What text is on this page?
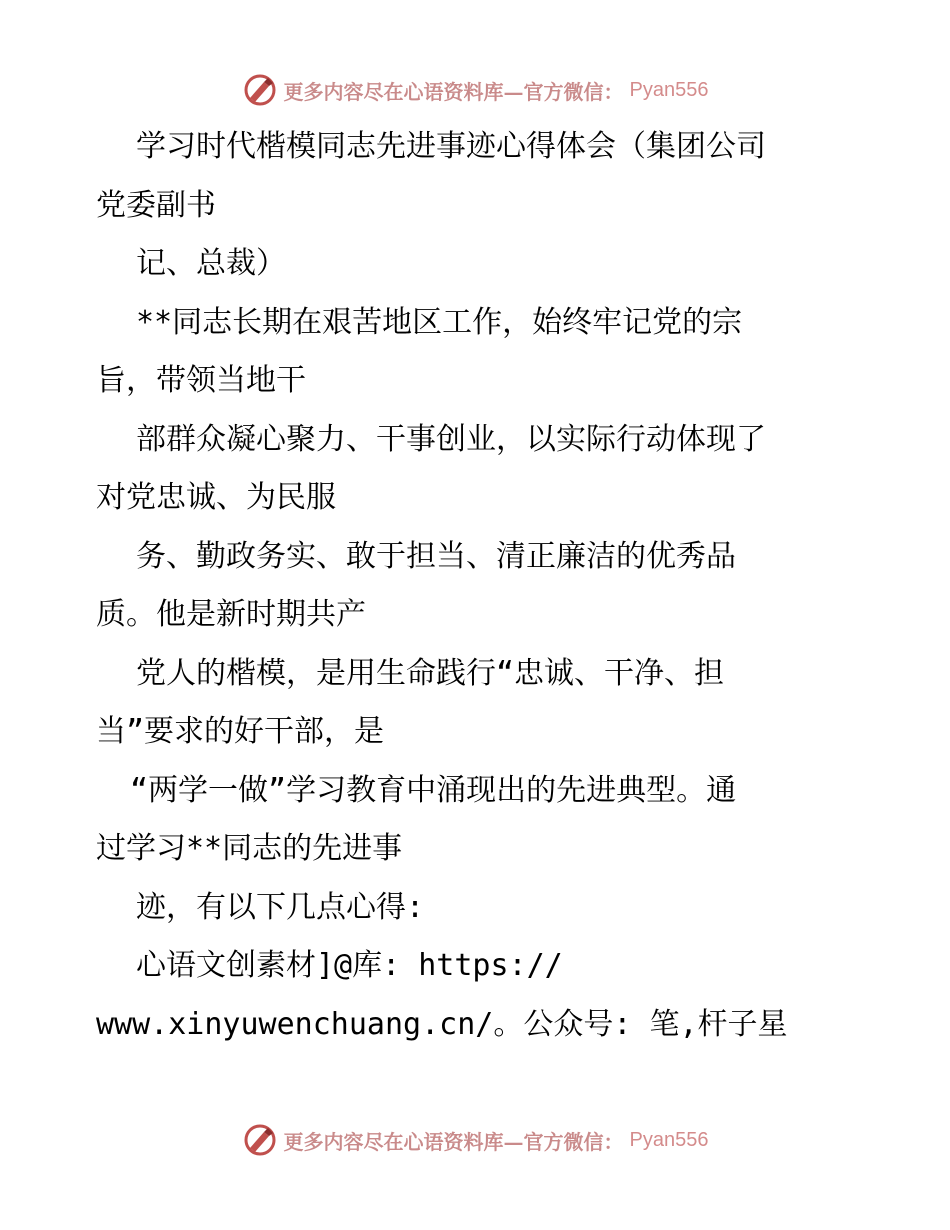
更多内容尽在心语资料库—官方微信： Pyan556
学习时代楷模同志先进事迹心得体会（集团公司
党委副书
记、总裁）
**同志长期在艰苦地区工作，始终牢记党的宗
旨，带领当地干
部群众凝心聚力、干事创业，以实际行动体现了
对党忠诚、为民服
务、勤政务实、敢于担当、清正廉洁的优秀品
质。他是新时期共产
党人的楷模，是用生命践行“忠诚、干净、担
当”要求的好干部，是
“两学一做”学习教育中涌现出的先进典型。通
过学习**同志的先进事
迹，有以下几点心得:
心语文创素材]@库: https://
www.xinyuwenchuang.cn/。公众号: 笔,杆子星
更多内容尽在心语资料库—官方微信： Pyan556
